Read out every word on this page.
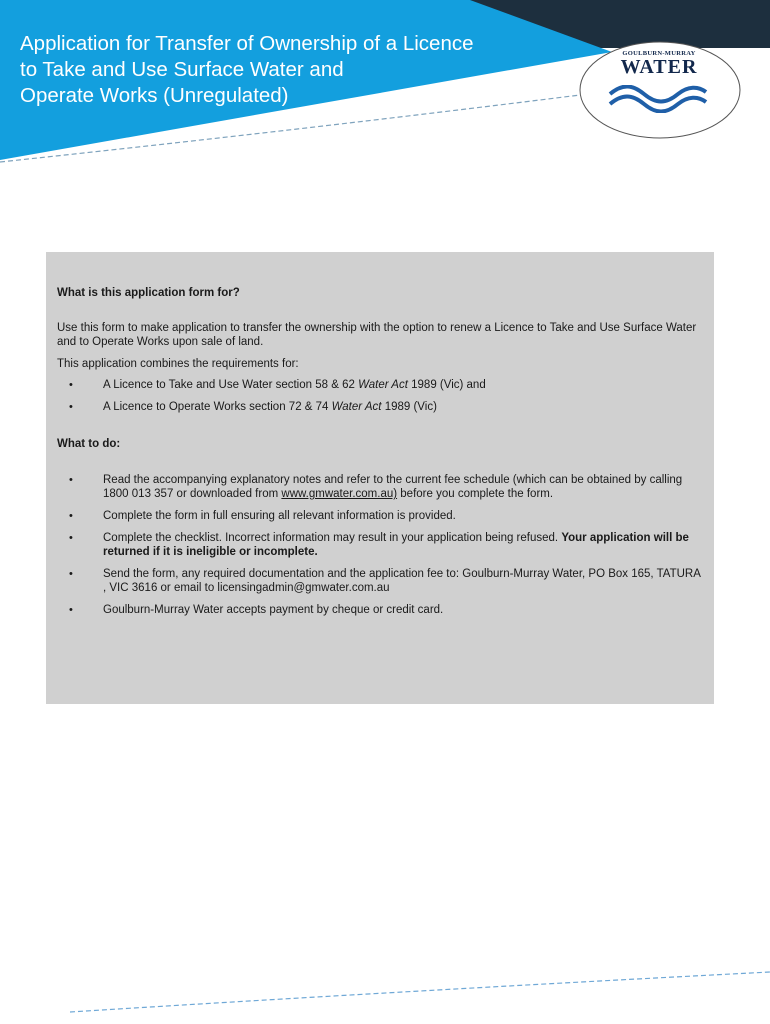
Application for Transfer of Ownership of a Licence
to Take and Use Surface Water and
Operate Works (Unregulated)
GOULBURN-MURRAY
WATER
What is this application form for?

Use this form to make application to transfer the ownership with the option to renew a Licence to Take and Use Surface Water and to Operate Works upon sale of land.

This application combines the requirements for:

•	A Licence to Take and Use Water section 58 & 62 Water Act 1989 (Vic) and
•	A Licence to Operate Works section 72 & 74 Water Act 1989 (Vic)
What to do:
•	Read the accompanying explanatory notes and refer to the current fee schedule (which can be obtained by calling 1800 013 357 or downloaded from www.gmwater.com.au) before you complete the form.
•	Complete the form in full ensuring all relevant information is provided.
•	Complete the checklist. Incorrect information may result in your application being refused. Your application will be returned if it is ineligible or incomplete.
•	Send the form, any required documentation and the application fee to: Goulburn-Murray Water, PO Box 165, TATURA , VIC 3616 or email to licensingadmin@gmwater.com.au
•	Goulburn-Murray Water accepts payment by cheque or credit card.
